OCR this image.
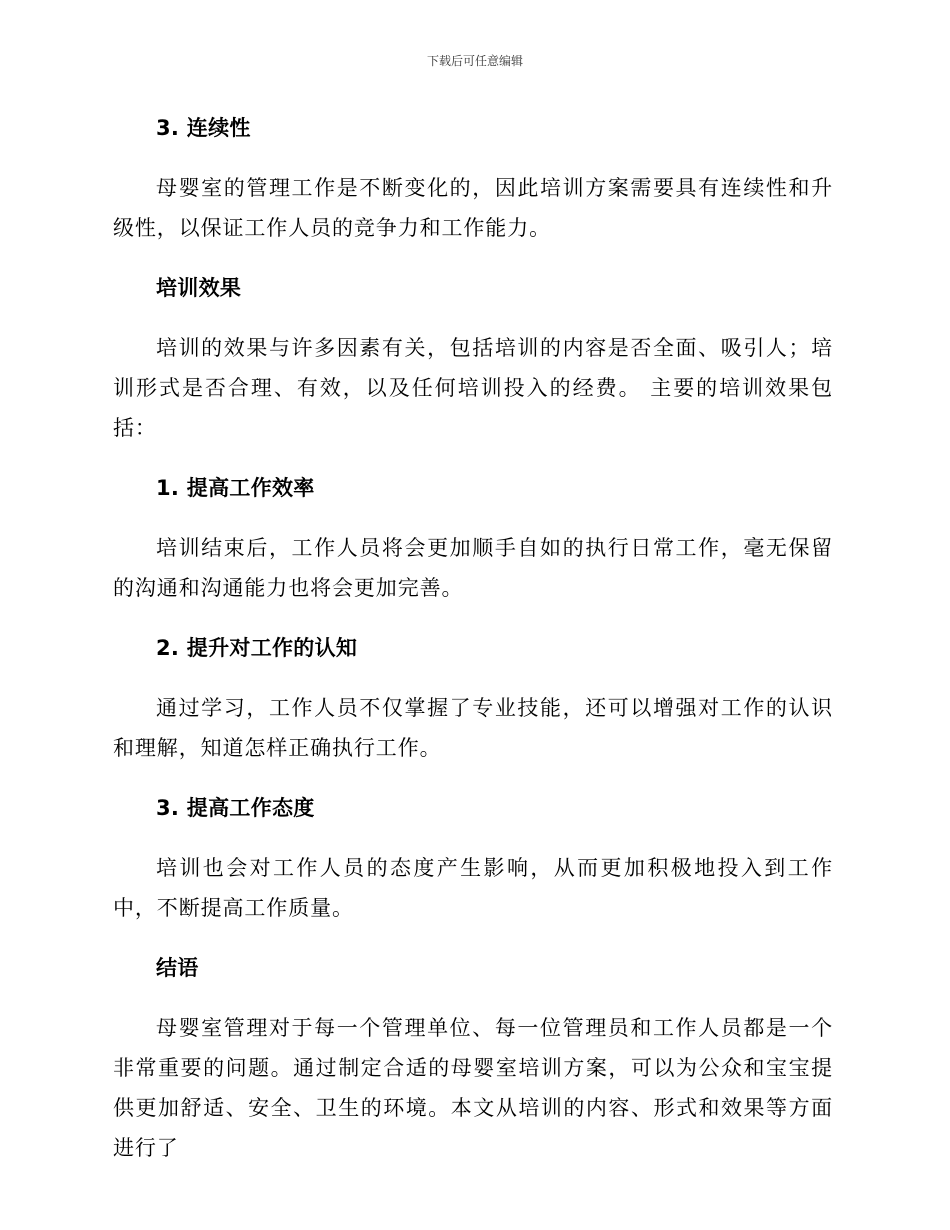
下载后可任意编辑
3. 连续性

母婴室的管理工作是不断变化的，因此培训方案需要具有连续性和升级性，以保证工作人员的竞争力和工作能力。

培训效果

培训的效果与许多因素有关，包括培训的内容是否全面、吸引人；培训形式是否合理、有效，以及任何培训投入的经费。 主要的培训效果包括：

1. 提高工作效率

培训结束后，工作人员将会更加顺手自如的执行日常工作，毫无保留的沟通和沟通能力也将会更加完善。

2. 提升对工作的认知

通过学习，工作人员不仅掌握了专业技能，还可以增强对工作的认识和理解，知道怎样正确执行工作。

3. 提高工作态度

培训也会对工作人员的态度产生影响，从而更加积极地投入到工作中，不断提高工作质量。

结语

母婴室管理对于每一个管理单位、每一位管理员和工作人员都是一个非常重要的问题。通过制定合适的母婴室培训方案，可以为公众和宝宝提供更加舒适、安全、卫生的环境。本文从培训的内容、形式和效果等方面进行了
